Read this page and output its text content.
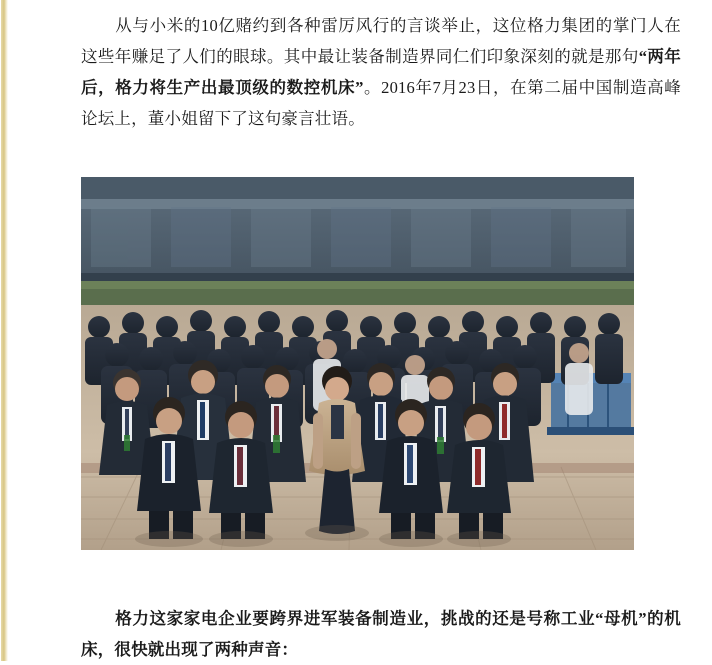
从与小米的10亿赌约到各种雷厉风行的言谈举止，这位格力集团的掌门人在这些年赚足了人们的眼球。其中最让装备制造界同仁们印象深刻的就是那句“两年后，格力将生产出最顶级的数控机床”。2016年7月23日，在第二届中国制造高峰论坛上，董小姐留下了这句豪言壮语。
格力这家家电企业要跨界进军装备制造业，挑战的还是号称工业“母机”的机床，很快就出现了两种声音：
